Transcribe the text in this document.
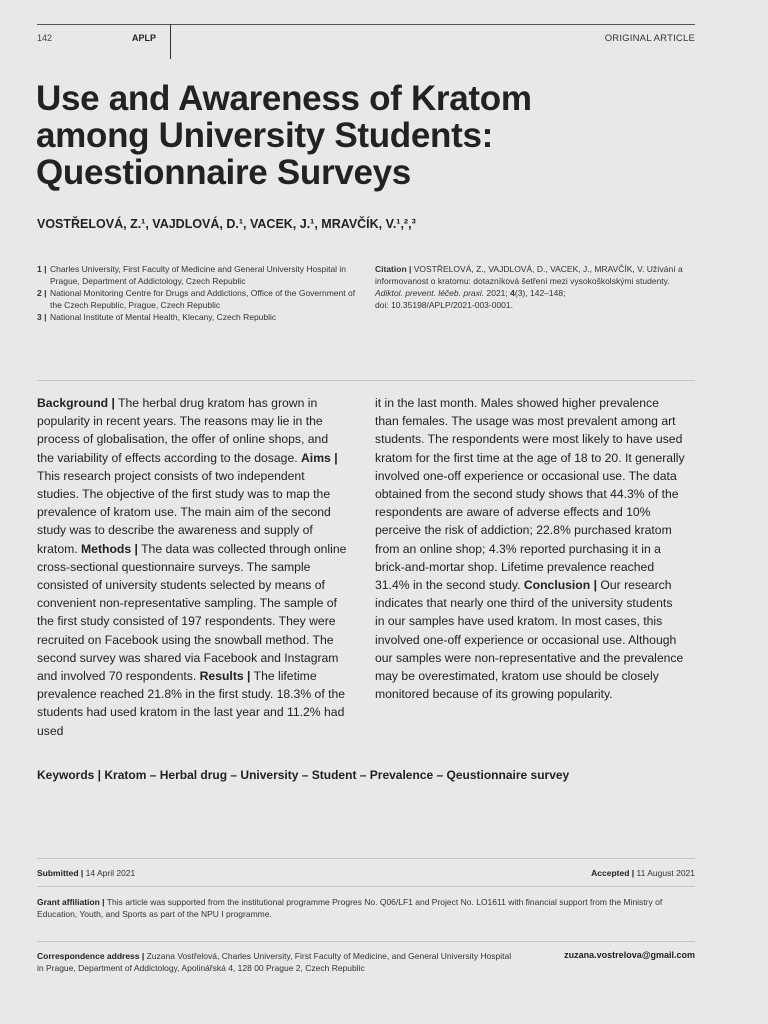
142	APLP	ORIGINAL ARTICLE
Use and Awareness of Kratom
among University Students:
Questionnaire Surveys
VOSTŘELOVÁ, Z.¹, VAJDLOVÁ, D.¹, VACEK, J.¹, MRAVČÍK, V.¹,²,³
1 | Charles University, First Faculty of Medicine and General University Hospital in Prague, Department of Addictology, Czech Republic
2 | National Monitoring Centre for Drugs and Addictions, Office of the Government of the Czech Republic, Prague, Czech Republic
3 | National Institute of Mental Health, Klecany, Czech Republic
Citation | VOSTŘELOVÁ, Z., VAJDLOVÁ, D., VACEK, J., MRAVČÍK, V. Užívání a informovanost o kratomu: dotazníková šetření mezi vysokoškolskými studenty. Adiktol. prevent. léčeb. praxi. 2021; 4(3), 142–148;
doi: 10.35198/APLP/2021-003-0001.
Background | The herbal drug kratom has grown in popularity in recent years. The reasons may lie in the process of globalisation, the offer of online shops, and the variability of effects according to the dosage. Aims | This research project consists of two independent studies. The objective of the first study was to map the prevalence of kratom use. The main aim of the second study was to describe the awareness and supply of kratom. Methods | The data was collected through online cross-sectional questionnaire surveys. The sample consisted of university students selected by means of convenient non-representative sampling. The sample of the first study consisted of 197 respondents. They were recruited on Facebook using the snowball method. The second survey was shared via Facebook and Instagram and involved 70 respondents. Results | The lifetime prevalence reached 21.8% in the first study. 18.3% of the students had used kratom in the last year and 11.2% had used
it in the last month. Males showed higher prevalence than females. The usage was most prevalent among art students. The respondents were most likely to have used kratom for the first time at the age of 18 to 20. It generally involved one-off experience or occasional use. The data obtained from the second study shows that 44.3% of the respondents are aware of adverse effects and 10% perceive the risk of addiction; 22.8% purchased kratom from an online shop; 4.3% reported purchasing it in a brick-and-mortar shop. Lifetime prevalence reached 31.4% in the second study. Conclusion | Our research indicates that nearly one third of the university students in our samples have used kratom. In most cases, this involved one-off experience or occasional use. Although our samples were non-representative and the prevalence may be overestimated, kratom use should be closely monitored because of its growing popularity.
Keywords | Kratom – Herbal drug – University – Student – Prevalence – Qeustionnaire survey
Submitted | 14 April 2021	Accepted | 11 August 2021
Grant affiliation | This article was supported from the institutional programme Progres No. Q06/LF1 and Project No. LO1611 with financial support from the Ministry of Education, Youth, and Sports as part of the NPU I programme.
Correspondence address | Zuzana Vostřelová, Charles University, First Faculty of Medicine, and General University Hospital in Prague, Department of Addictology, Apolinářská 4, 128 00 Prague 2, Czech Republic
zuzana.vostrelova@gmail.com
